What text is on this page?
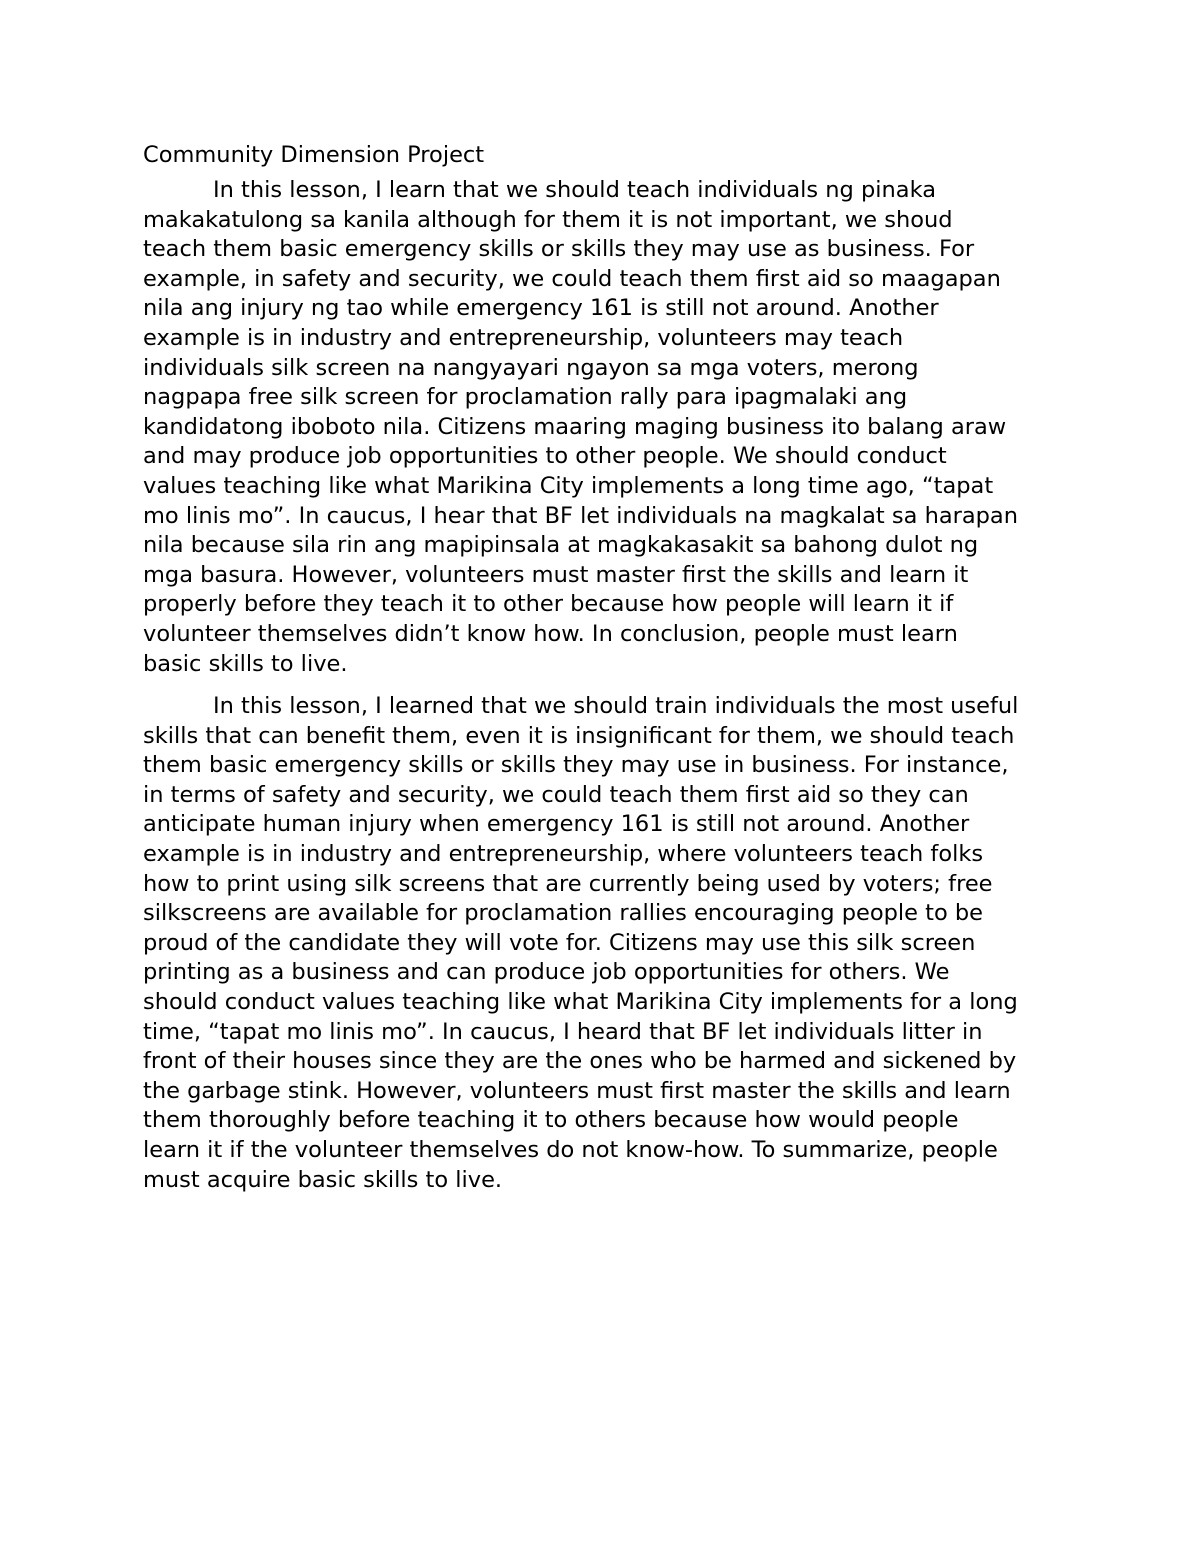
Community Dimension Project

In this lesson, I learn that we should teach individuals ng pinaka
makakatulong sa kanila although for them it is not important, we shoud
teach them basic emergency skills or skills they may use as business. For
example, in safety and security, we could teach them first aid so maagapan
nila ang injury ng tao while emergency 161 is still not around. Another
example is in industry and entrepreneurship, volunteers may teach
individuals silk screen na nangyayari ngayon sa mga voters, merong
nagpapa free silk screen for proclamation rally para ipagmalaki ang
kandidatong iboboto nila. Citizens maaring maging business ito balang araw
and may produce job opportunities to other people. We should conduct
values teaching like what Marikina City implements a long time ago, “tapat
mo linis mo”. In caucus, I hear that BF let individuals na magkalat sa harapan
nila because sila rin ang mapipinsala at magkakasakit sa bahong dulot ng
mga basura. However, volunteers must master first the skills and learn it
properly before they teach it to other because how people will learn it if
volunteer themselves didn’t know how. In conclusion, people must learn
basic skills to live.

In this lesson, I learned that we should train individuals the most useful
skills that can benefit them, even it is insignificant for them, we should teach
them basic emergency skills or skills they may use in business. For instance,
in terms of safety and security, we could teach them first aid so they can
anticipate human injury when emergency 161 is still not around. Another
example is in industry and entrepreneurship, where volunteers teach folks
how to print using silk screens that are currently being used by voters; free
silkscreens are available for proclamation rallies encouraging people to be
proud of the candidate they will vote for. Citizens may use this silk screen
printing as a business and can produce job opportunities for others. We
should conduct values teaching like what Marikina City implements for a long
time, “tapat mo linis mo”. In caucus, I heard that BF let individuals litter in
front of their houses since they are the ones who be harmed and sickened by
the garbage stink. However, volunteers must first master the skills and learn
them thoroughly before teaching it to others because how would people
learn it if the volunteer themselves do not know-how. To summarize, people
must acquire basic skills to live.
